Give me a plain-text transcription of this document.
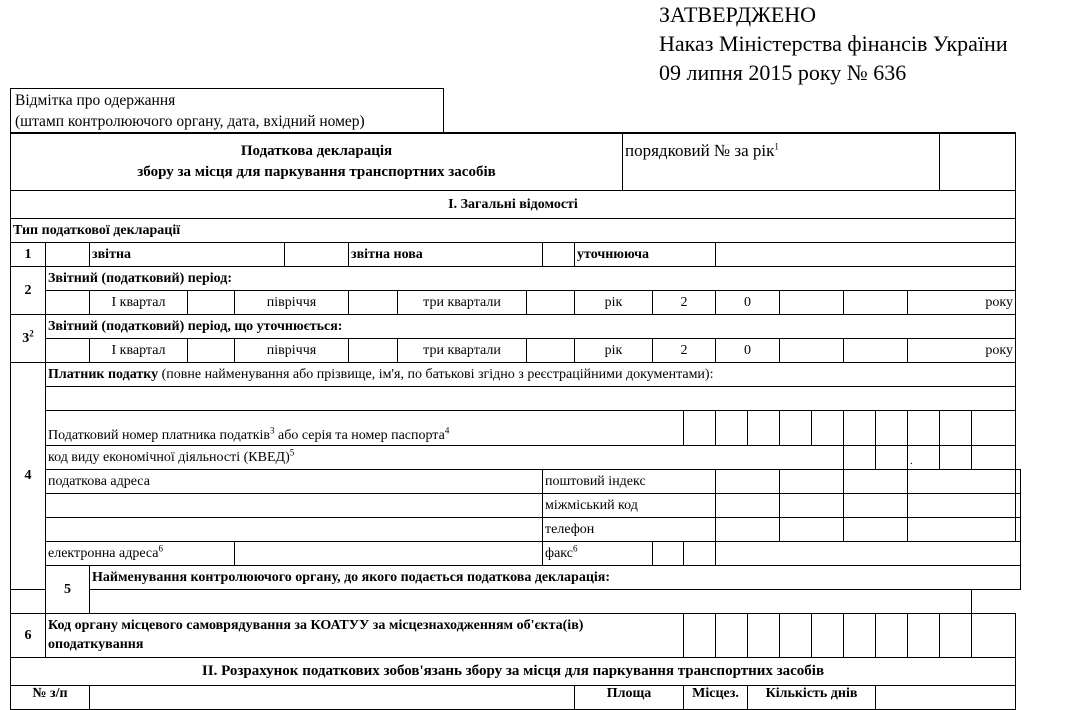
ЗАТВЕРДЖЕНО
Наказ Міністерства фінансів України
09 липня 2015 року № 636
Відмітка про одержання
(штамп контролюючого органу, дата, вхідний номер)
Податкова декларація
збору за місця для паркування транспортних засобів											порядковий № за рік$^1$	
I. Загальні відомості																							
Тип податкової декларації																							
1		звітна				звітна нова				уточнююча													
2	Звітний (податковий) період:																						
		I квартал		півріччя			три квартали			рік		2		0						року			
$3^2$	Звітний (податковий) період, що уточнюється:																						
		I квартал		півріччя			три квартали			рік		2		0						року			
4	Платник податку (повне найменування або прізвище, ім'я, по батькові згідно з реєстраційними документами):																						

	Податковий номер платника податків$^3$ або серія та номер паспорта$^4$										
	код виду економічної діяльності (КВЕД)$^5$																			.			
	податкова адреса								поштовий індекс														
									міжміський код														
									телефон														
	електронна адреса$^6$								факс$^6$			
	5	Найменування контролюючого органу, до якого подається податкова декларація:																					

6	Код органу місцевого самоврядування за КОАТУУ за місцезнаходженням об'єкта(ів)
оподаткування																						

II. Розрахунок податкових зобов'язань збору за місця для паркування транспортних засобів																							
№ з/п										Площа			Місцез.		Кількість днів								
